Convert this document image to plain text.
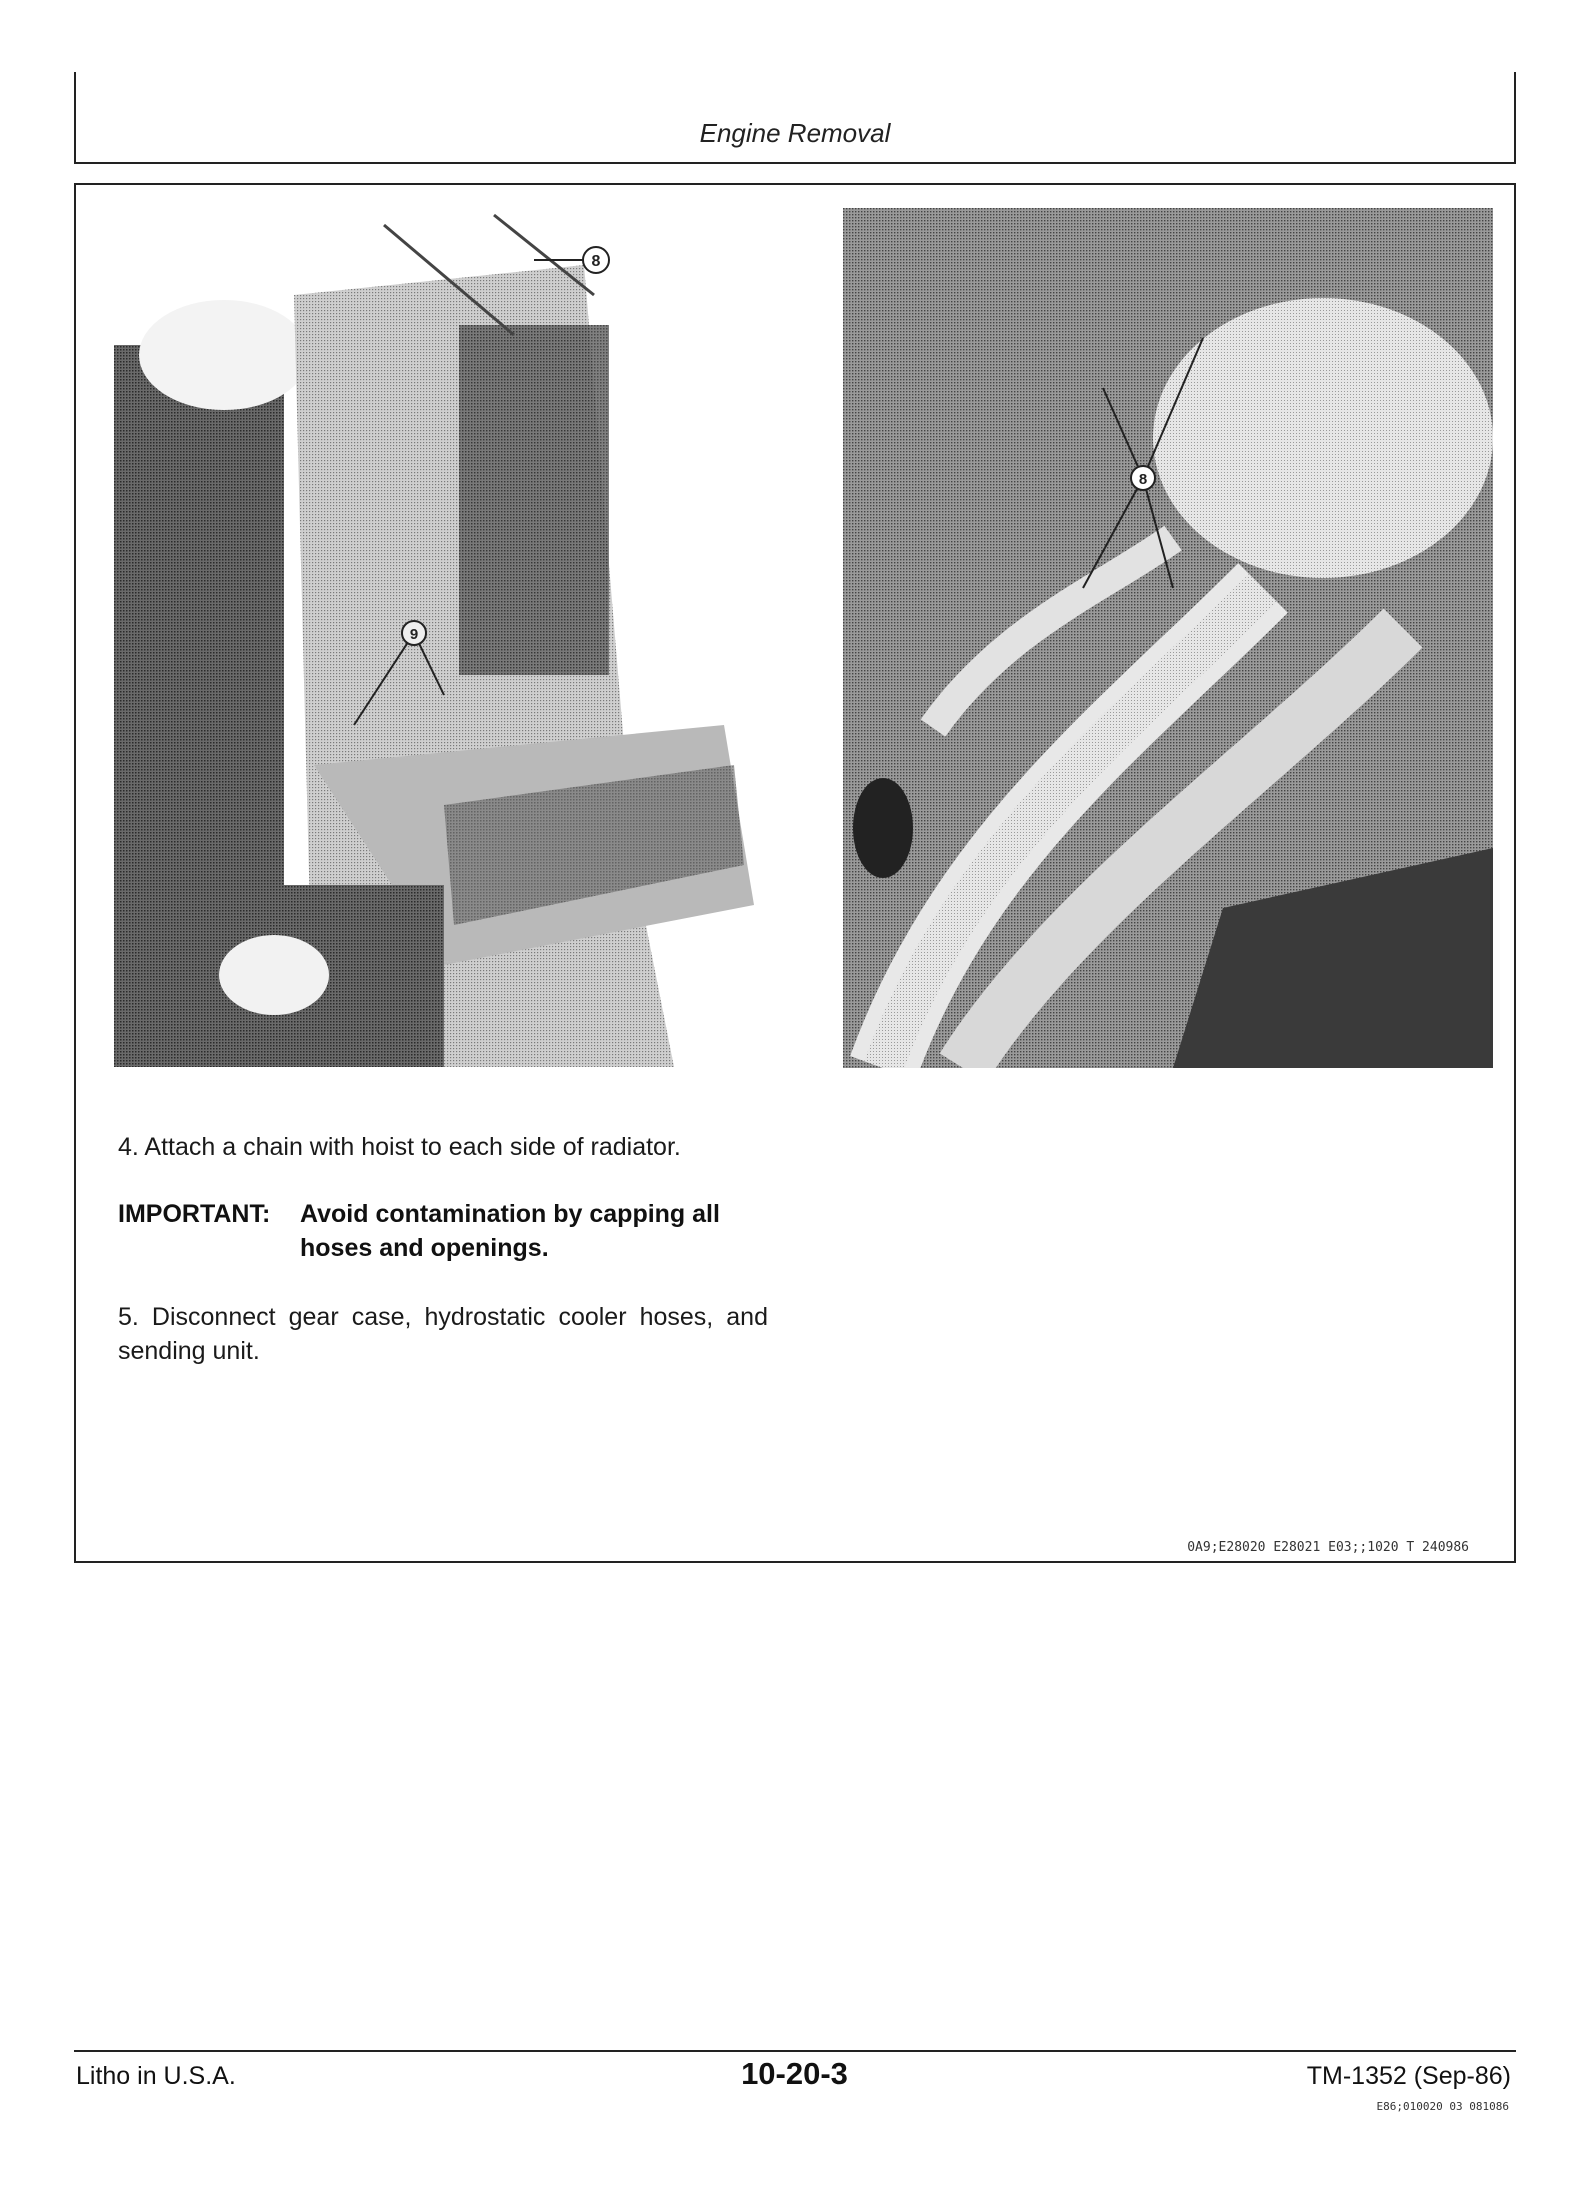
Engine Removal
8
9
8
4. Attach a chain with hoist to each side of radiator.
IMPORTANT: Avoid contamination by capping all hoses and openings.
5. Disconnect gear case, hydrostatic cooler hoses, and sending unit.
0A9;E28020 E28021 E03;;1020 T 240986
Litho in U.S.A.	10-20-3	TM-1352 (Sep-86)
E86;010020 03 081086
